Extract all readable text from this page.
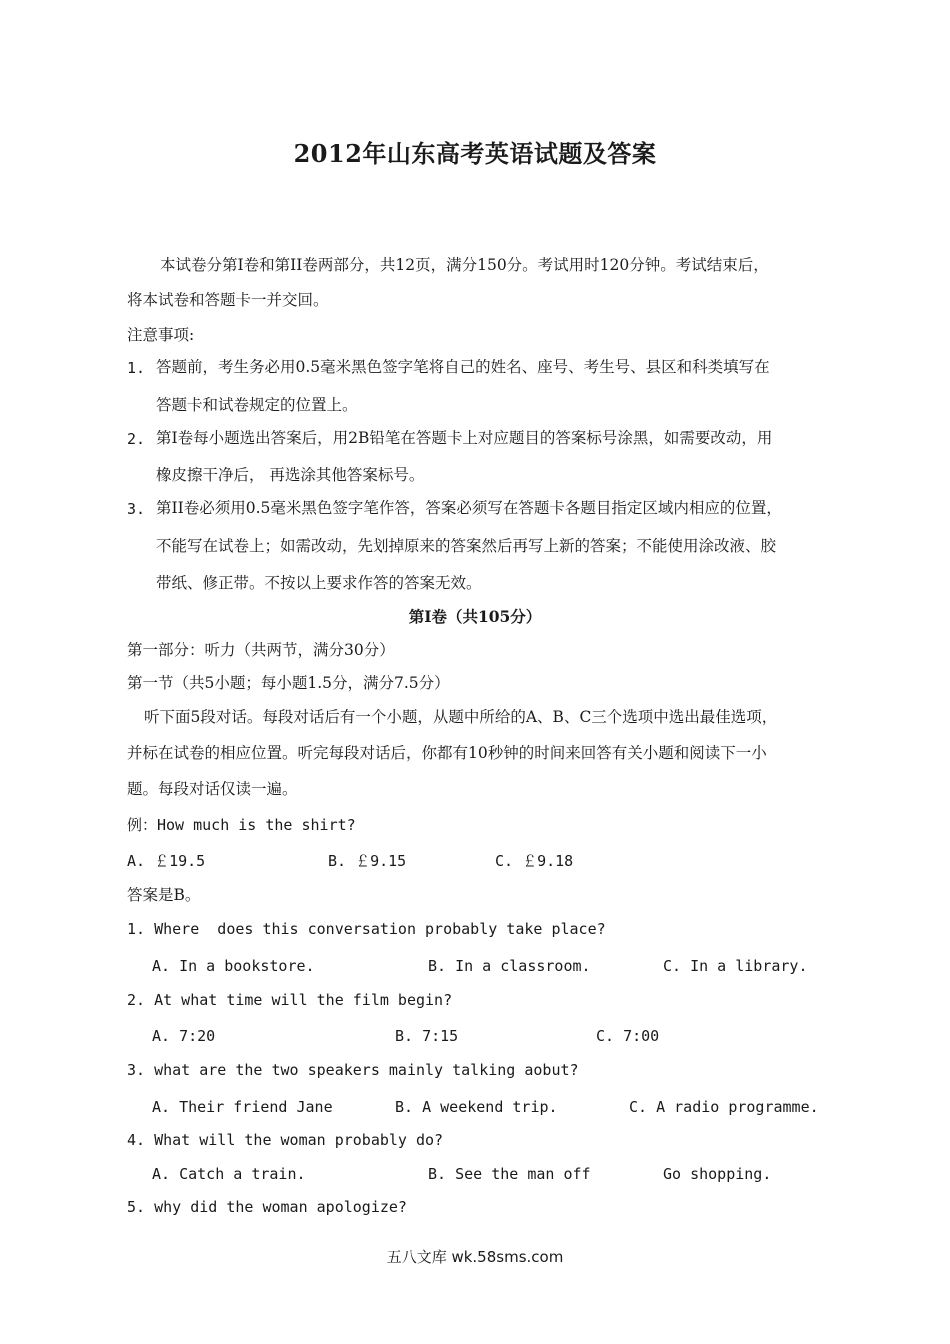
2012年山东高考英语试题及答案
本试卷分第Ⅰ卷和第II卷两部分，共12页，满分150分。考试用时120分钟。考试结束后，
将本试卷和答题卡一并交回。
注意事项:
1. 答题前，考生务必用0.5毫米黑色签字笔将自己的姓名、座号、考生号、县区和科类填写在
答题卡和试卷规定的位置上。
2. 第Ⅰ卷每小题选出答案后，用2B铅笔在答题卡上对应题目的答案标号涂黑，如需要改动，用
橡皮擦干净后， 再选涂其他答案标号。
3. 第II卷必须用0.5毫米黑色签字笔作答，答案必须写在答题卡各题目指定区域内相应的位置，
不能写在试卷上；如需改动，先划掉原来的答案然后再写上新的答案；不能使用涂改液、胶
带纸、修正带。不按以上要求作答的答案无效。
第Ⅰ卷（共105分）
第一部分：听力（共两节，满分30分）
第一节（共5小题；每小题1.5分，满分7.5分）
听下面5段对话。每段对话后有一个小题，从题中所给的A、B、C三个选项中选出最佳选项，
并标在试卷的相应位置。听完每段对话后，你都有10秒钟的时间来回答有关小题和阅读下一小
题。每段对话仅读一遍。
例：How much is the shirt?
A. ￡19.5	B. ￡9.15	C. ￡9.18
答案是B。
1. Where  does this conversation probably take place?
A. In a bookstore.	B. In a classroom.	C. In a library.
2. At what time will the film begin?
A. 7:20	B. 7:15	C. 7:00
3. what are the two speakers mainly talking aobut?
A. Their friend Jane	B. A weekend trip.	C. A radio programme.
4. What will the woman probably do?
A. Catch a train.	B. See the man off	Go shopping.
5. why did the woman apologize?
五八文库 wk.58sms.com
